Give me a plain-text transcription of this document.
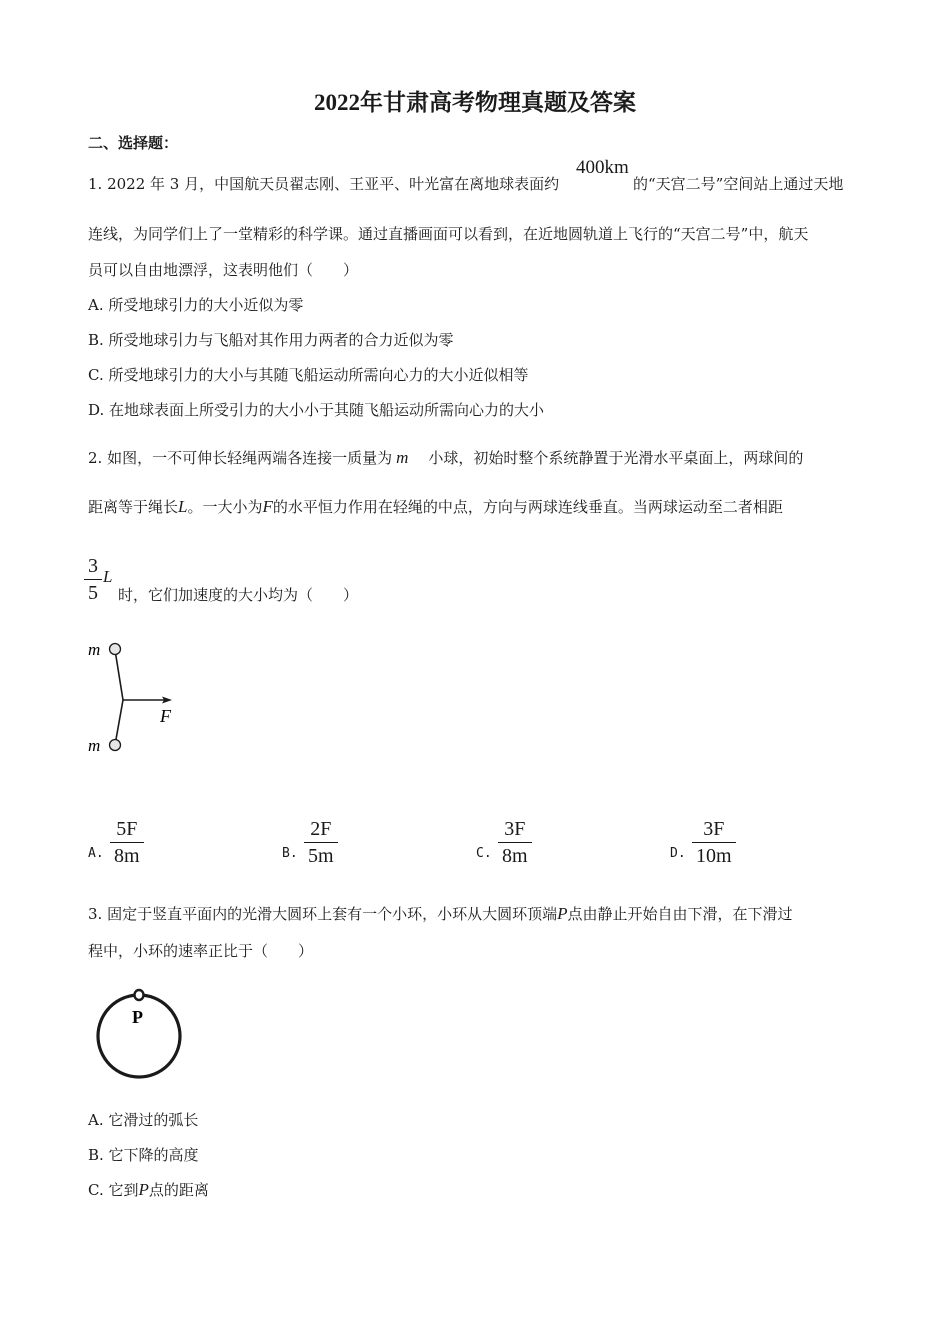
2022年甘肃高考物理真题及答案
二、选择题：
1. 2022 年 3 月，中国航天员翟志刚、王亚平、叶光富在离地球表面约
400km
的“天宫二号”空间站上通过天地
连线，为同学们上了一堂精彩的科学课。通过直播画面可以看到，在近地圆轨道上飞行的“天宫二号”中，航天
员可以自由地漂浮，这表明他们（　　）
A. 所受地球引力的大小近似为零
B. 所受地球引力与飞船对其作用力两者的合力近似为零
C. 所受地球引力的大小与其随飞船运动所需向心力的大小近似相等
D. 在地球表面上所受引力的大小小于其随飞船运动所需向心力的大小
2. 如图，一不可伸长轻绳两端各连接一质量为 m 小球，初始时整个系统静置于光滑水平桌面上，两球间的
距离等于绳长L。一大小为F的水平恒力作用在轻绳的中点，方向与两球连线垂直。当两球运动至二者相距
3
5
L
时，它们加速度的大小均为（　　）
m
m
F
A.
5F
8m	B.
2F
5m	C.
3F
8m	D.
3F
10m
3. 固定于竖直平面内的光滑大圆环上套有一个小环，小环从大圆环顶端P点由静止开始自由下滑，在下滑过
程中，小环的速率正比于（　　）
P
A. 它滑过的弧长
B. 它下降的高度
C. 它到P点的距离
